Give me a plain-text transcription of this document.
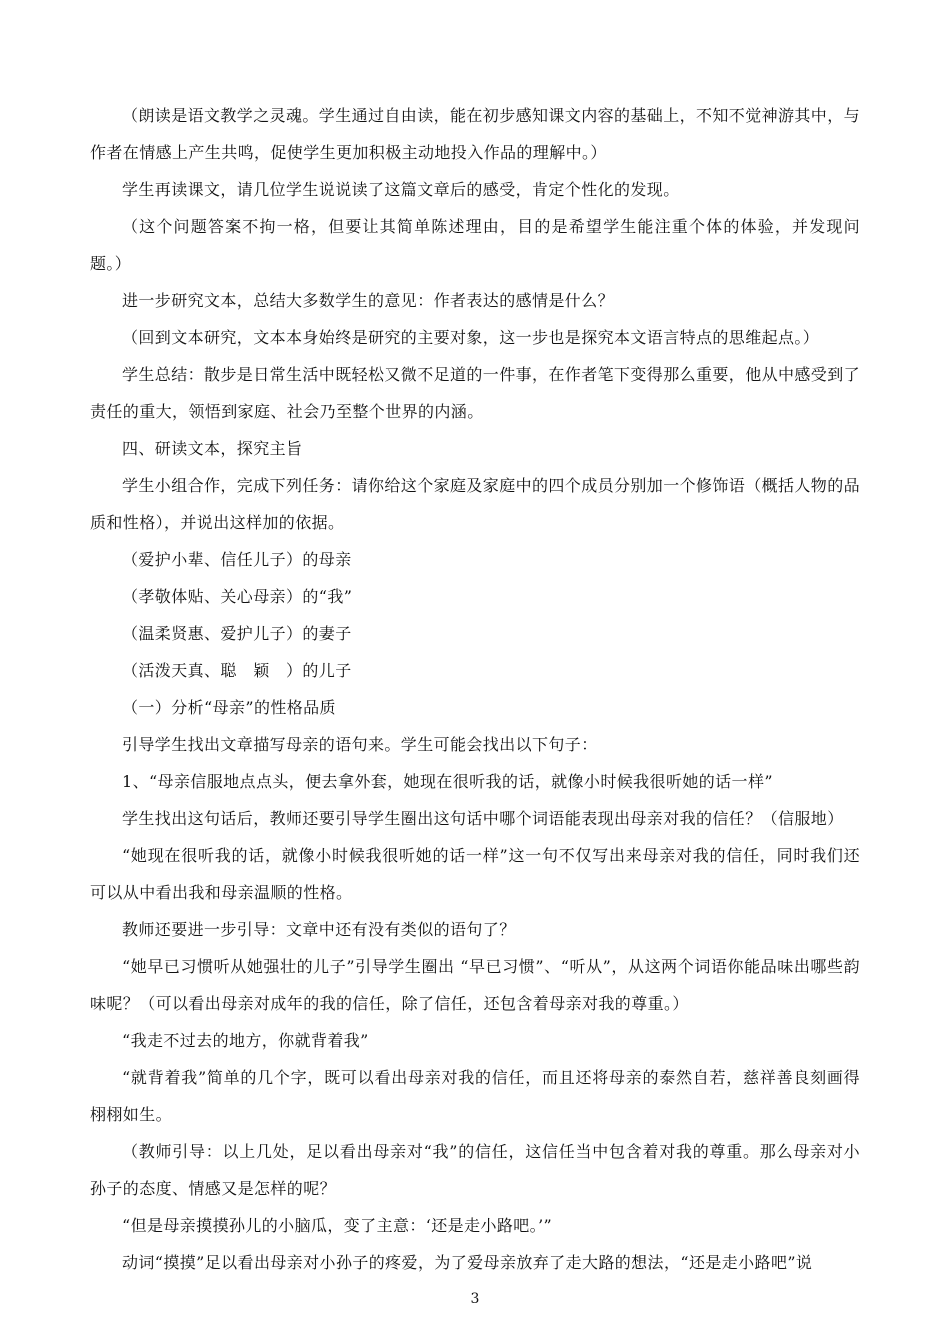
（朗读是语文教学之灵魂。学生通过自由读，能在初步感知课文内容的基础上，不知不觉神游其中，与作者在情感上产生共鸣，促使学生更加积极主动地投入作品的理解中。）

学生再读课文，请几位学生说说读了这篇文章后的感受，肯定个性化的发现。

（这个问题答案不拘一格，但要让其简单陈述理由，目的是希望学生能注重个体的体验，并发现问题。）

进一步研究文本，总结大多数学生的意见：作者表达的感情是什么？

（回到文本研究，文本本身始终是研究的主要对象，这一步也是探究本文语言特点的思维起点。）

学生总结：散步是日常生活中既轻松又微不足道的一件事，在作者笔下变得那么重要，他从中感受到了责任的重大，领悟到家庭、社会乃至整个世界的内涵。

四、研读文本，探究主旨

学生小组合作，完成下列任务：请你给这个家庭及家庭中的四个成员分别加一个修饰语（概括人物的品质和性格），并说出这样加的依据。

（爱护小辈、信任儿子）的母亲

（孝敬体贴、关心母亲）的“我”

（温柔贤惠、爱护儿子）的妻子

（活泼天真、聪　颖　）的儿子

（一）分析“母亲”的性格品质

引导学生找出文章描写母亲的语句来。学生可能会找出以下句子：

1、“母亲信服地点点头，便去拿外套，她现在很听我的话，就像小时候我很听她的话一样”

学生找出这句话后，教师还要引导学生圈出这句话中哪个词语能表现出母亲对我的信任？（信服地）

“她现在很听我的话，就像小时候我很听她的话一样”这一句不仅写出来母亲对我的信任，同时我们还可以从中看出我和母亲温顺的性格。

教师还要进一步引导：文章中还有没有类似的语句了？

“她早已习惯听从她强壮的儿子”引导学生圈出 “早已习惯”、“听从”，从这两个词语你能品味出哪些韵味呢？（可以看出母亲对成年的我的信任，除了信任，还包含着母亲对我的尊重。）

“我走不过去的地方，你就背着我”

“就背着我”简单的几个字，既可以看出母亲对我的信任，而且还将母亲的泰然自若，慈祥善良刻画得栩栩如生。

（教师引导：以上几处，足以看出母亲对“我”的信任，这信任当中包含着对我的尊重。那么母亲对小孙子的态度、情感又是怎样的呢？

“但是母亲摸摸孙儿的小脑瓜，变了主意：‘还是走小路吧。’”

动词“摸摸”足以看出母亲对小孙子的疼爱，为了爱母亲放弃了走大路的想法，“还是走小路吧”说

3
